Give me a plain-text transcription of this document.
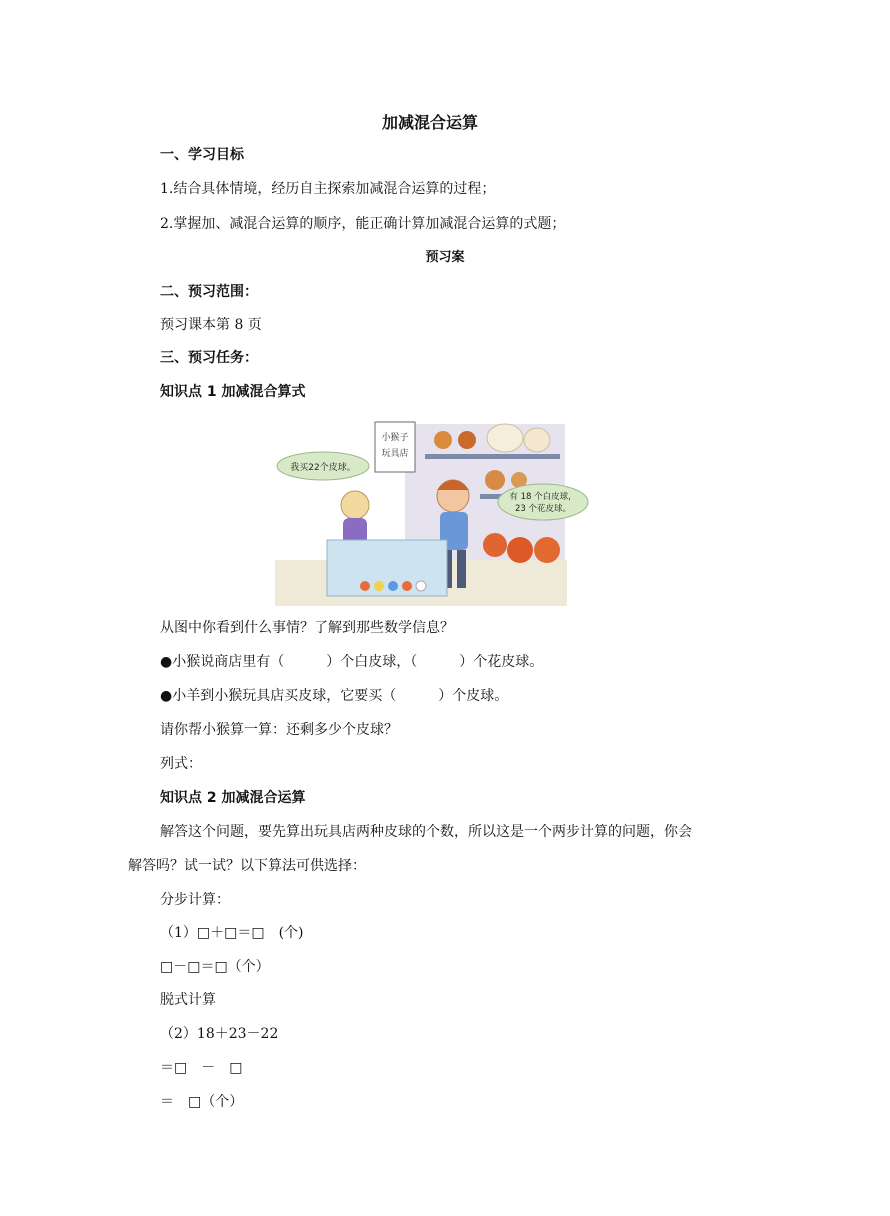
加减混合运算
一、学习目标
1.结合具体情境，经历自主探索加减混合运算的过程；
2.掌握加、减混合运算的顺序，能正确计算加减混合运算的式题；
预习案
二、预习范围：
预习课本第 8 页
三、预习任务：
知识点 1 加减混合算式
小猴子
玩具店
有 18 个白皮球，
23 个花皮球。
我买22个皮球。
从图中你看到什么事情？了解到那些数学信息？
●小猴说商店里有（　　　）个白皮球，（　　　）个花皮球。
●小羊到小猴玩具店买皮球，它要买（　　　）个皮球。
请你帮小猴算一算：还剩多少个皮球？
列式：
知识点 2 加减混合运算
解答这个问题，要先算出玩具店两种皮球的个数，所以这是一个两步计算的问题，你会
解答吗？试一试？以下算法可供选择：
分步计算：
（1）□＋□＝□　(个)
□－□＝□（个）
脱式计算
（2）18＋23－22
＝□　－　□
＝　□（个）
